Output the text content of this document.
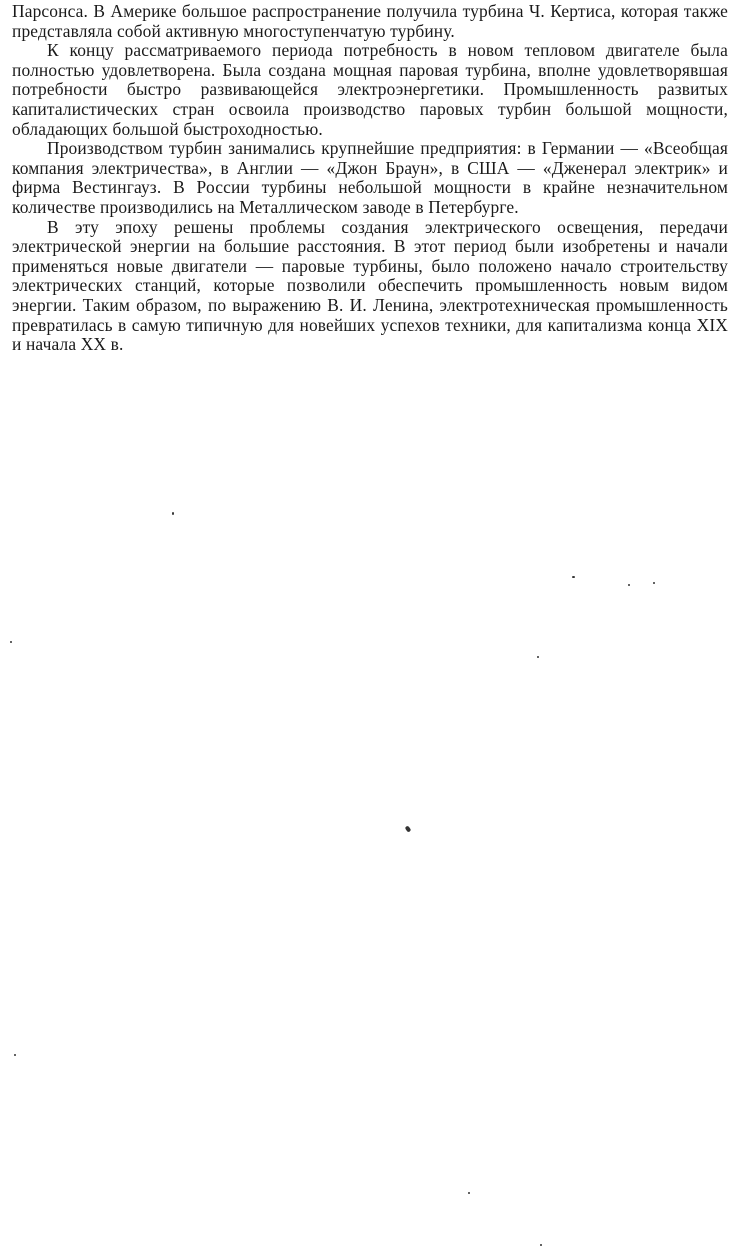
Парсонса. В Америке большое распространение получила турбина Ч. Кертиса, которая также представляла собой активную многоступенчатую турбину.

К концу рассматриваемого периода потребность в новом тепловом двигателе была полностью удовлетворена. Была создана мощная паровая турбина, вполне удовлетворявшая потребности быстро развивающейся электроэнергетики. Промышленность развитых капиталистических стран освоила производство паровых турбин большой мощности, обладающих большой быстроходностью.

Производством турбин занимались крупнейшие предприятия: в Германии — «Всеобщая компания электричества», в Англии — «Джон Браун», в США — «Дженерал электрик» и фирма Вестингауз. В России турбины небольшой мощности в крайне незначительном количестве производились на Металлическом заводе в Петербурге.

В эту эпоху решены проблемы создания электрического освещения, передачи электрической энергии на большие расстояния. В этот период были изобретены и начали применяться новые двигатели — паровые турбины, было положено начало строительству электрических станций, которые позволили обеспечить промышленность новым видом энергии. Таким образом, по выражению В. И. Ленина, электротехническая промышленность превратилась в самую типичную для новейших успехов техники, для капитализма конца XIX и начала XX в.
